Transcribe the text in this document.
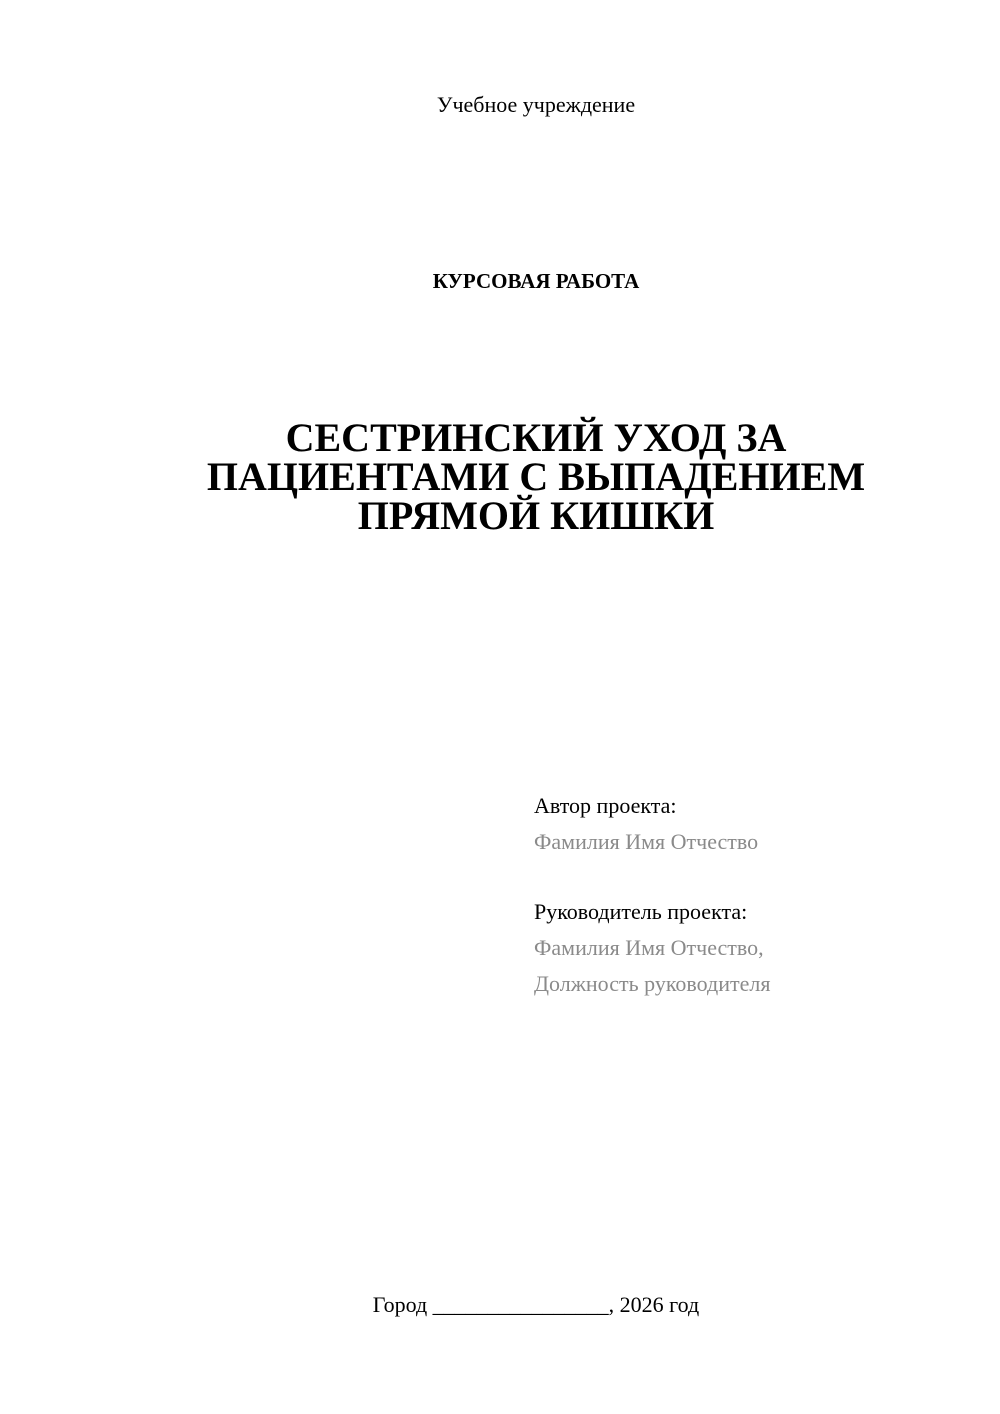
Учебное учреждение
КУРСОВАЯ РАБОТА
СЕСТРИНСКИЙ УХОД ЗА
ПАЦИЕНТАМИ С ВЫПАДЕНИЕМ
ПРЯМОЙ КИШКИ
Автор проекта:
Фамилия Имя Отчество
Руководитель проекта:
Фамилия Имя Отчество,
Должность руководителя
Город ________________, 2026 год
